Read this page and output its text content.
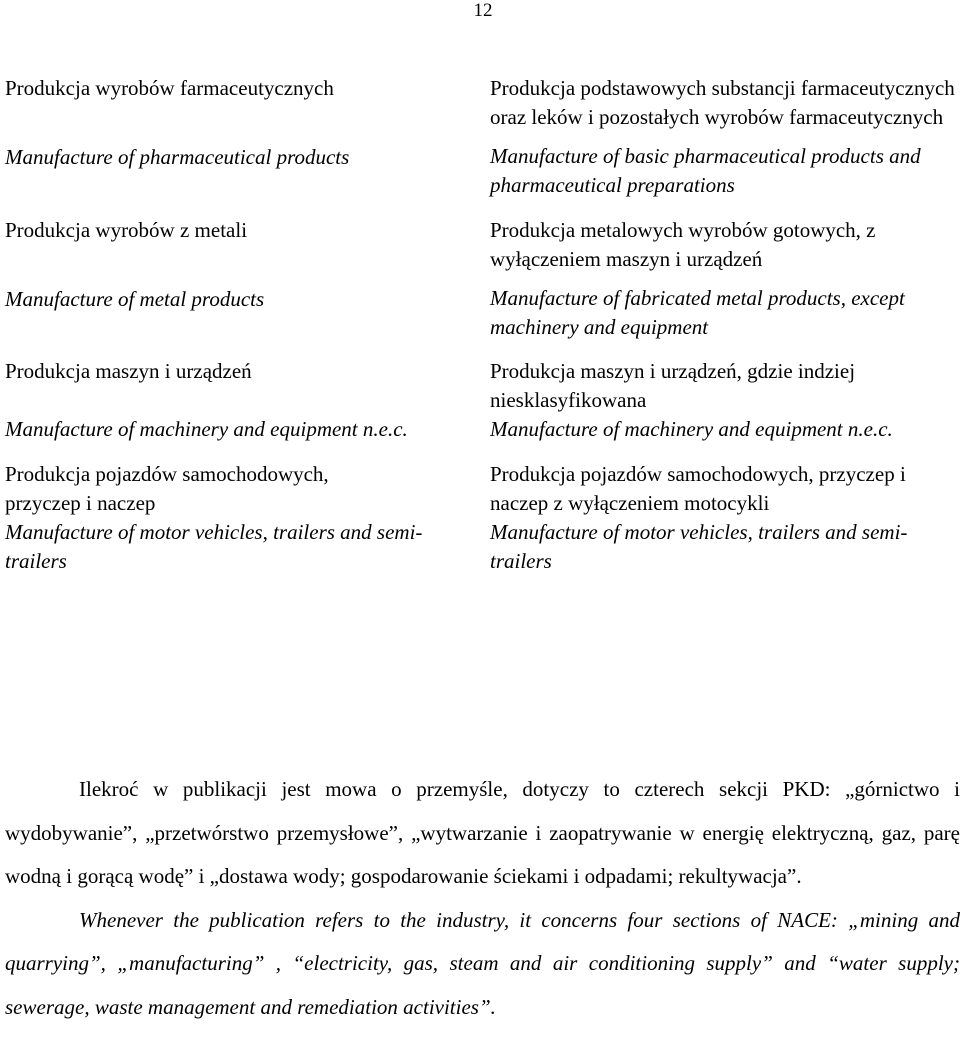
12
Produkcja wyrobów farmaceutycznych
Manufacture of pharmaceutical products
Produkcja podstawowych substancji farmaceutycznych oraz leków i pozostałych wyrobów farmaceutycznych
Manufacture of basic pharmaceutical products and pharmaceutical preparations
Produkcja wyrobów z metali
Manufacture of metal products
Produkcja metalowych wyrobów gotowych, z wyłączeniem maszyn i urządzeń
Manufacture of fabricated metal products, except machinery and equipment
Produkcja maszyn i urządzeń
Manufacture of machinery and equipment n.e.c.
Produkcja maszyn i urządzeń, gdzie indziej niesklasyfikowana
Manufacture of machinery and equipment n.e.c.
Produkcja pojazdów samochodowych, przyczep i naczep
Manufacture of motor vehicles, trailers and semi-trailers
Produkcja pojazdów samochodowych, przyczep i naczep z wyłączeniem motocykli
Manufacture of motor vehicles, trailers and semi-trailers

Ilekroć w publikacji jest mowa o przemyśle, dotyczy to czterech sekcji PKD: „górnictwo i wydobywanie”, „przetwórstwo przemysłowe”, „wytwarzanie i zaopatrywanie w energię elektryczną, gaz, parę wodną i gorącą wodę” i „dostawa wody; gospodarowanie ściekami i odpadami; rekultywacja”.

Whenever the publication refers to the industry, it concerns four sections of NACE: „mining and quarrying”, „manufacturing” , “electricity, gas, steam and air conditioning supply” and “water supply; sewerage, waste management and remediation activities”.
